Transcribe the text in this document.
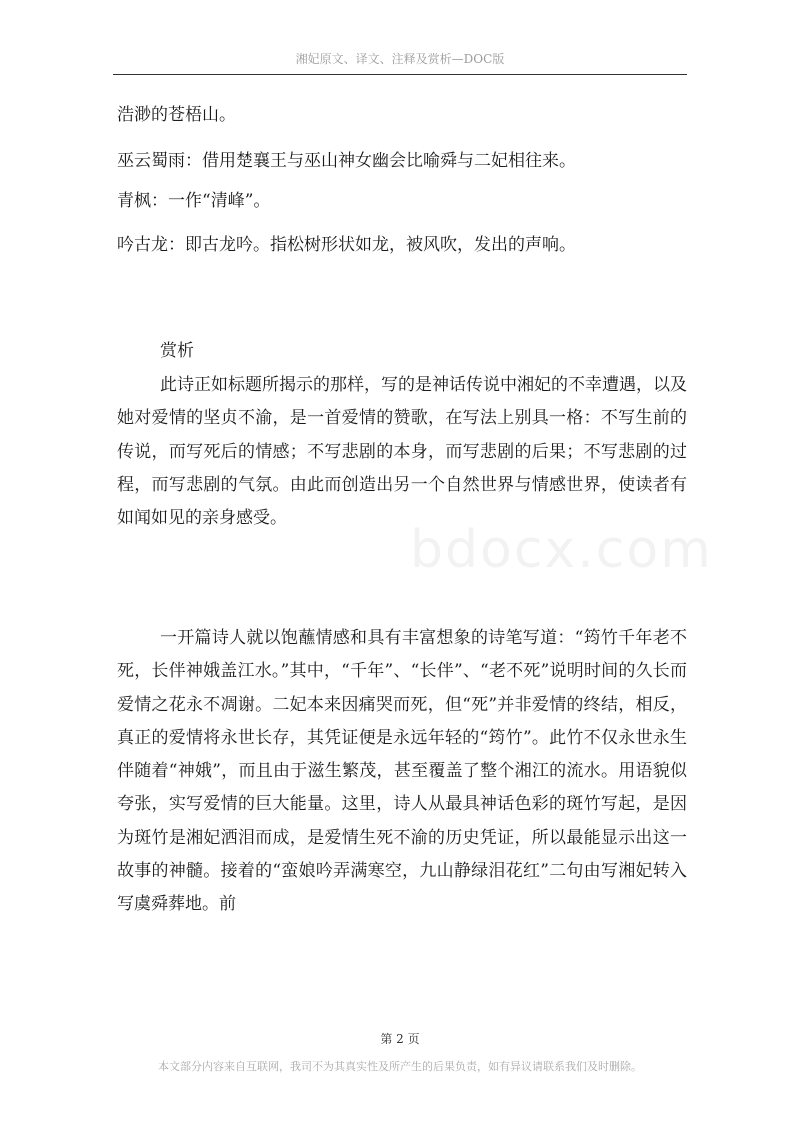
湘妃原文、译文、注释及赏析—DOC版
浩渺的苍梧山。
巫云蜀雨：借用楚襄王与巫山神女幽会比喻舜与二妃相往来。
青枫：一作“清峰”。
吟古龙：即古龙吟。指松树形状如龙，被风吹，发出的声响。
赏析
bdocx.com
此诗正如标题所揭示的那样，写的是神话传说中湘妃的不幸遭遇，以及她对爱情的坚贞不渝，是一首爱情的赞歌，在写法上别具一格：不写生前的传说，而写死后的情感；不写悲剧的本身，而写悲剧的后果；不写悲剧的过程，而写悲剧的气氛。由此而创造出另一个自然世界与情感世界，使读者有如闻如见的亲身感受。
一开篇诗人就以饱蘸情感和具有丰富想象的诗笔写道：“筠竹千年老不死，长伴神娥盖江水。”其中，“千年”、“长伴”、“老不死”说明时间的久长而爱情之花永不凋谢。二妃本来因痛哭而死，但“死”并非爱情的终结，相反，真正的爱情将永世长存，其凭证便是永远年轻的“筠竹”。此竹不仅永世永生伴随着“神娥”，而且由于滋生繁茂，甚至覆盖了整个湘江的流水。用语貌似夸张，实写爱情的巨大能量。这里，诗人从最具神话色彩的斑竹写起，是因为斑竹是湘妃洒泪而成，是爱情生死不渝的历史凭证，所以最能显示出这一故事的神髓。接着的“蛮娘吟弄满寒空，九山静绿泪花红”二句由写湘妃转入写虞舜葬地。前
第 2 页
本文部分内容来自互联网，我司不为其真实性及所产生的后果负责，如有异议请联系我们及时删除。
